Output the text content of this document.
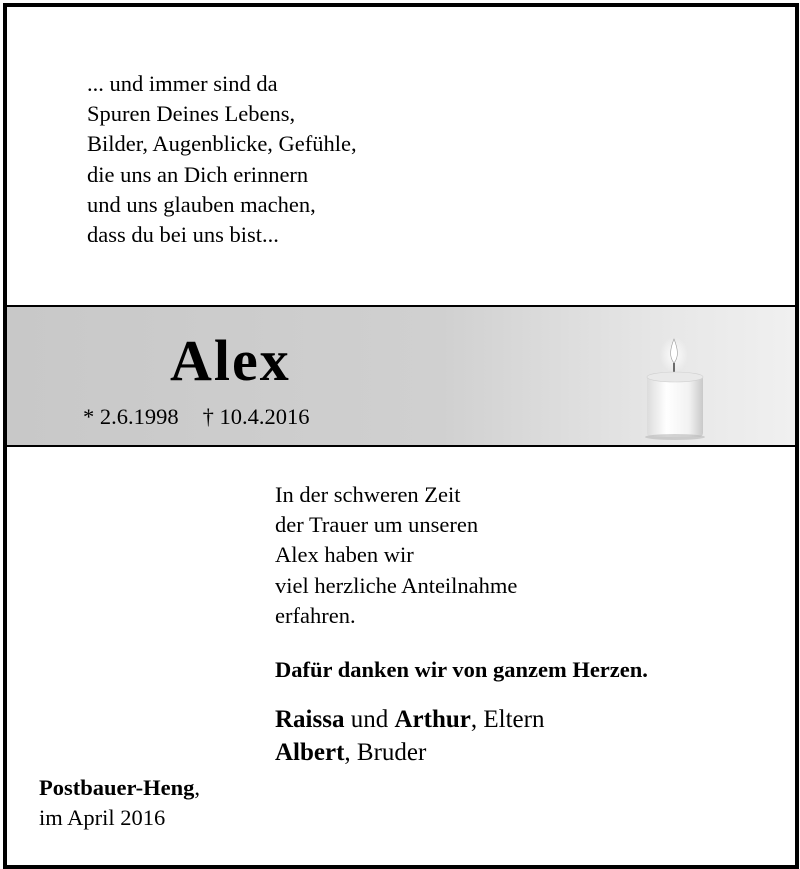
... und immer sind da
Spuren Deines Lebens,
Bilder, Augenblicke, Gefühle,
die uns an Dich erinnern
und uns glauben machen,
dass du bei uns bist...
Alex
* 2.6.1998 † 10.4.2016
In der schweren Zeit
der Trauer um unseren
Alex haben wir
viel herzliche Anteilnahme
erfahren.
Dafür danken wir von ganzem Herzen.
Raissa und Arthur, Eltern
Albert, Bruder
Postbauer-Heng,
im April 2016
